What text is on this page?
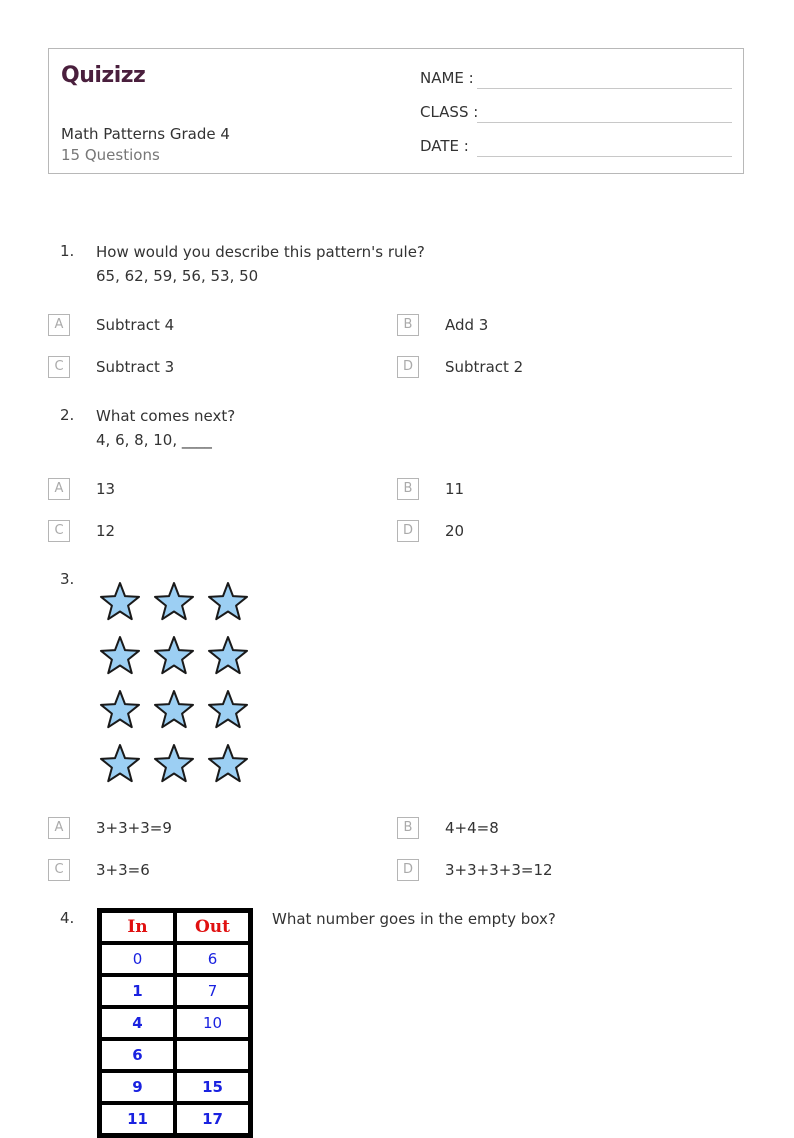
Quizizz
Math Patterns Grade 4
15 Questions
NAME :
CLASS :
DATE :
1. How would you describe this pattern's rule?
65, 62, 59, 56, 53, 50
A	Subtract 4	B	Add 3
C	Subtract 3	D	Subtract 2
2. What comes next?
4, 6, 8, 10, ____
A	13	B	11
C	12	D	20
3.
A	3+3+3=9	B	4+4=8
C	3+3=6	D	3+3+3+3=12
4.	What number goes in the empty box?
In	Out
0	6
1	7
4	10
6	
9	15
11	17
